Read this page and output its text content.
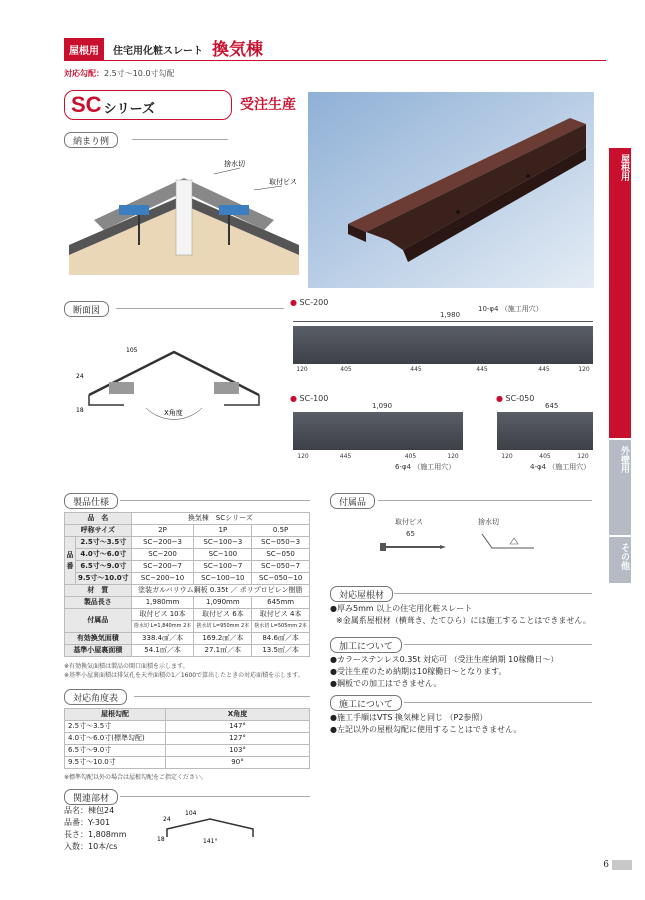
屋根用	住宅用化粧スレート 換気棟
対応勾配：2.5寸〜10.0寸勾配
SC シリーズ	受注生産
屋根用
外壁用
その他
納まり例
捨水切
取付ビス
断面図
105
24
18	X角度
● SC-200
1,980
10-φ4 （施工用穴）
120	405	445	445	445	120
● SC-100
1,090
120	445	405	120
6-φ4 （施工用穴）
● SC-050
645
120	405	120
4-φ4 （施工用穴）
製品仕様
品　名		換気棟　SCシリーズ		
呼称サイズ		2P	1P	0.5P
品番	2.5寸〜3.5寸	SC−200−3	SC−100−3	SC−050−3
	4.0寸〜6.0寸	SC−200	SC−100	SC−050
	6.5寸〜9.0寸	SC−200−7	SC−100−7	SC−050−7
	9.5寸〜10.0寸	SC−200−10	SC−100−10	SC−050−10
材　質		塗装ガルバリウム鋼板 0.35t ／ ポリプロピレン樹脂		
製品長さ		1,980mm	1,090mm	645mm
付属品		取付ビス 10本	取付ビス 6本	取付ビス 4本
		捨水切 L=1,840mm 2本	捨水切 L=950mm 2本	捨水切 L=505mm 2本
有効換気面積		338.4㎠／本	169.2㎠／本	84.6㎠／本
基準小屋裏面積		54.1㎡／本	27.1㎡／本	13.5㎡／本
※有効換気面積は製品の開口面積を示します。
※基準小屋裏面積は排気孔を天井面積の1／1600で算出したときの対応面積を示します。
対応角度表
屋根勾配	X角度
2.5寸〜3.5寸	147°
4.0寸〜6.0寸(標準勾配)	127°
6.5寸〜9.0寸	103°
9.5寸〜10.0寸	90°
※標準勾配以外の場合は屋根勾配をご指定ください。
関連部材
品名：棟包24
品番：Y-301
長さ：1,808mm
入数：10本/cs
24
104
18	141°
付属品
取付ビス
65
捨水切
対応屋根材
●厚み5mm 以上の住宅用化粧スレート
※金属系屋根材（横葺き、たてひら）には施工することはできません。
加工について
●カラーステンレス0.35t 対応可 （受注生産納期 10稼働日〜）
●受注生産のため納期は10稼働日〜となります。
●鋼板での加工はできません。
施工について
●施工手順はVTS 換気棟と同じ （P2参照）
●左記以外の屋根勾配に使用することはできません。
6
